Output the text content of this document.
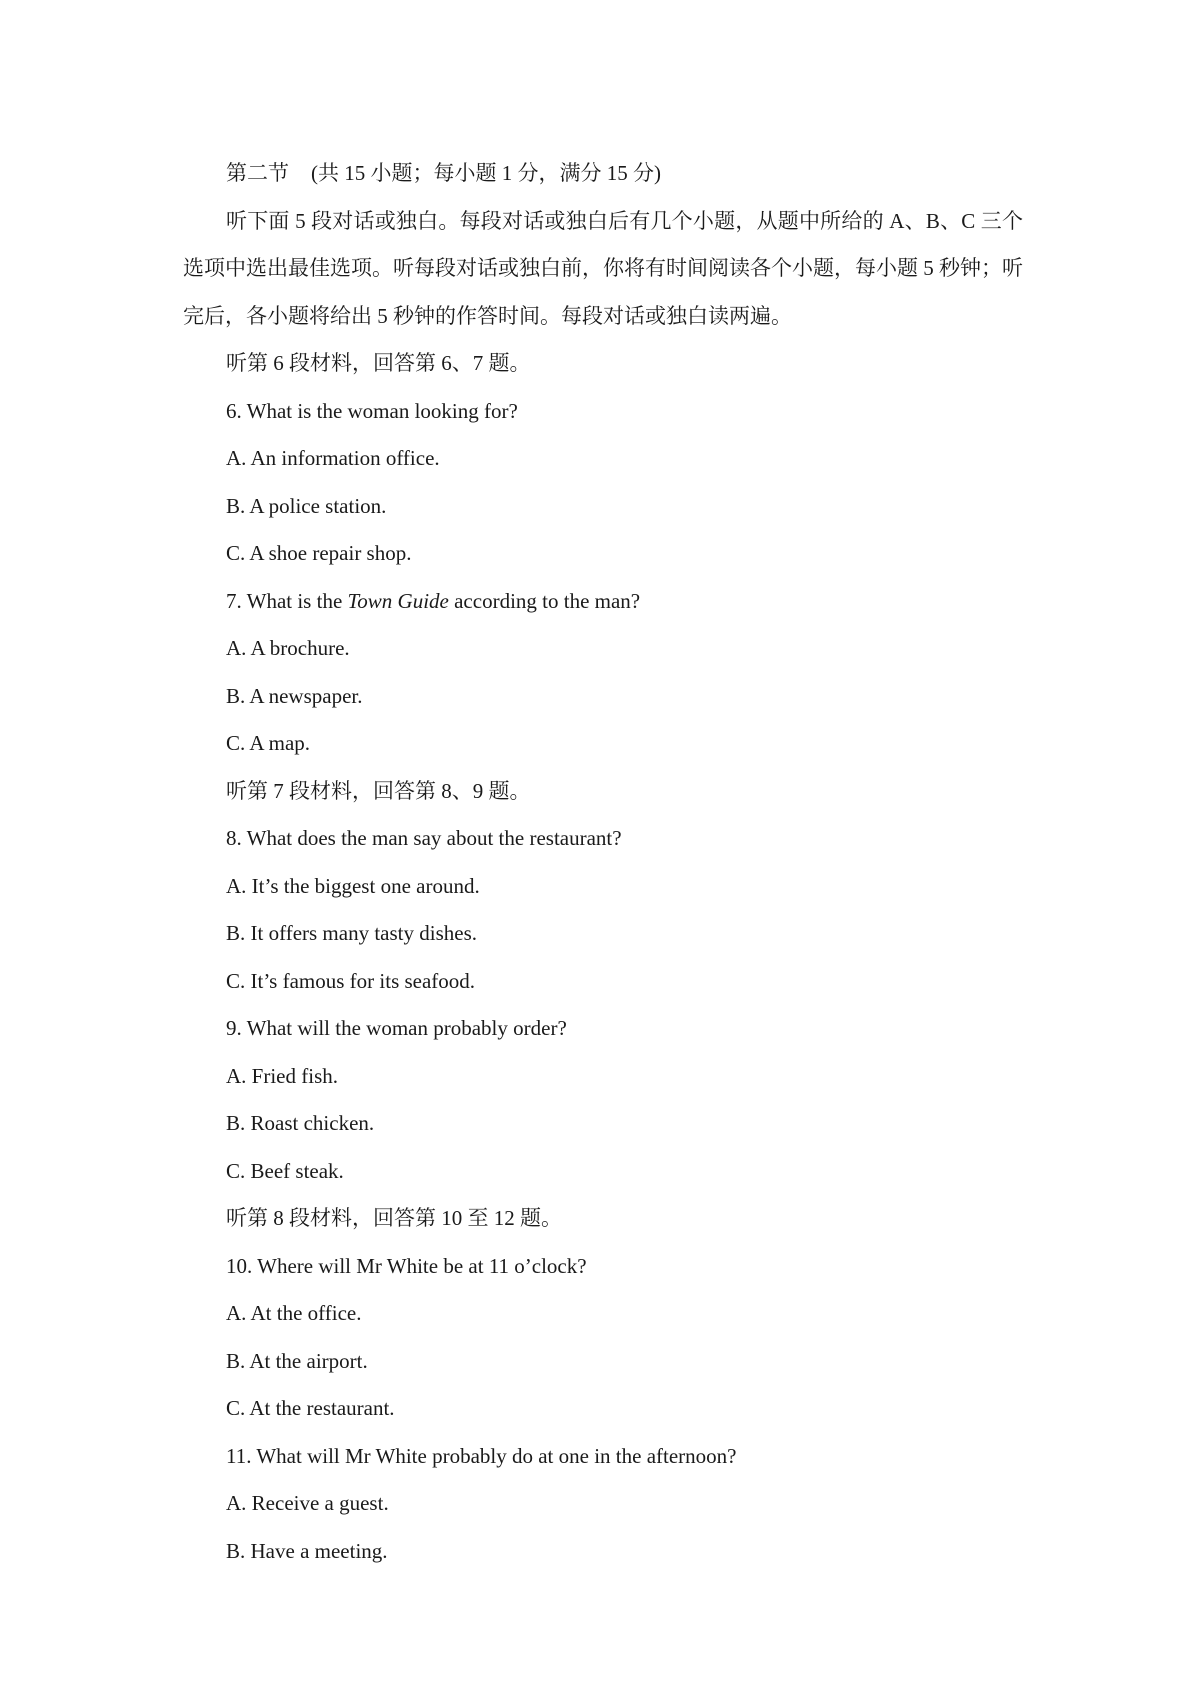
第二节 (共 15 小题；每小题 1 分，满分 15 分)

听下面 5 段对话或独白。每段对话或独白后有几个小题，从题中所给的 A、B、C 三个选项中选出最佳选项。听每段对话或独白前，你将有时间阅读各个小题，每小题 5 秒钟；听完后，各小题将给出 5 秒钟的作答时间。每段对话或独白读两遍。

听第 6 段材料，回答第 6、7 题。
6. What is the woman looking for?
A. An information office.
B. A police station.
C. A shoe repair shop.
7. What is the Town Guide according to the man?
A. A brochure.
B. A newspaper.
C. A map.
听第 7 段材料，回答第 8、9 题。
8. What does the man say about the restaurant?
A. It’s the biggest one around.
B. It offers many tasty dishes.
C. It’s famous for its seafood.
9. What will the woman probably order?
A. Fried fish.
B. Roast chicken.
C. Beef steak.
听第 8 段材料，回答第 10 至 12 题。
10. Where will Mr White be at 11 o’clock?
A. At the office.
B. At the airport.
C. At the restaurant.
11. What will Mr White probably do at one in the afternoon?
A. Receive a guest.
B. Have a meeting.
